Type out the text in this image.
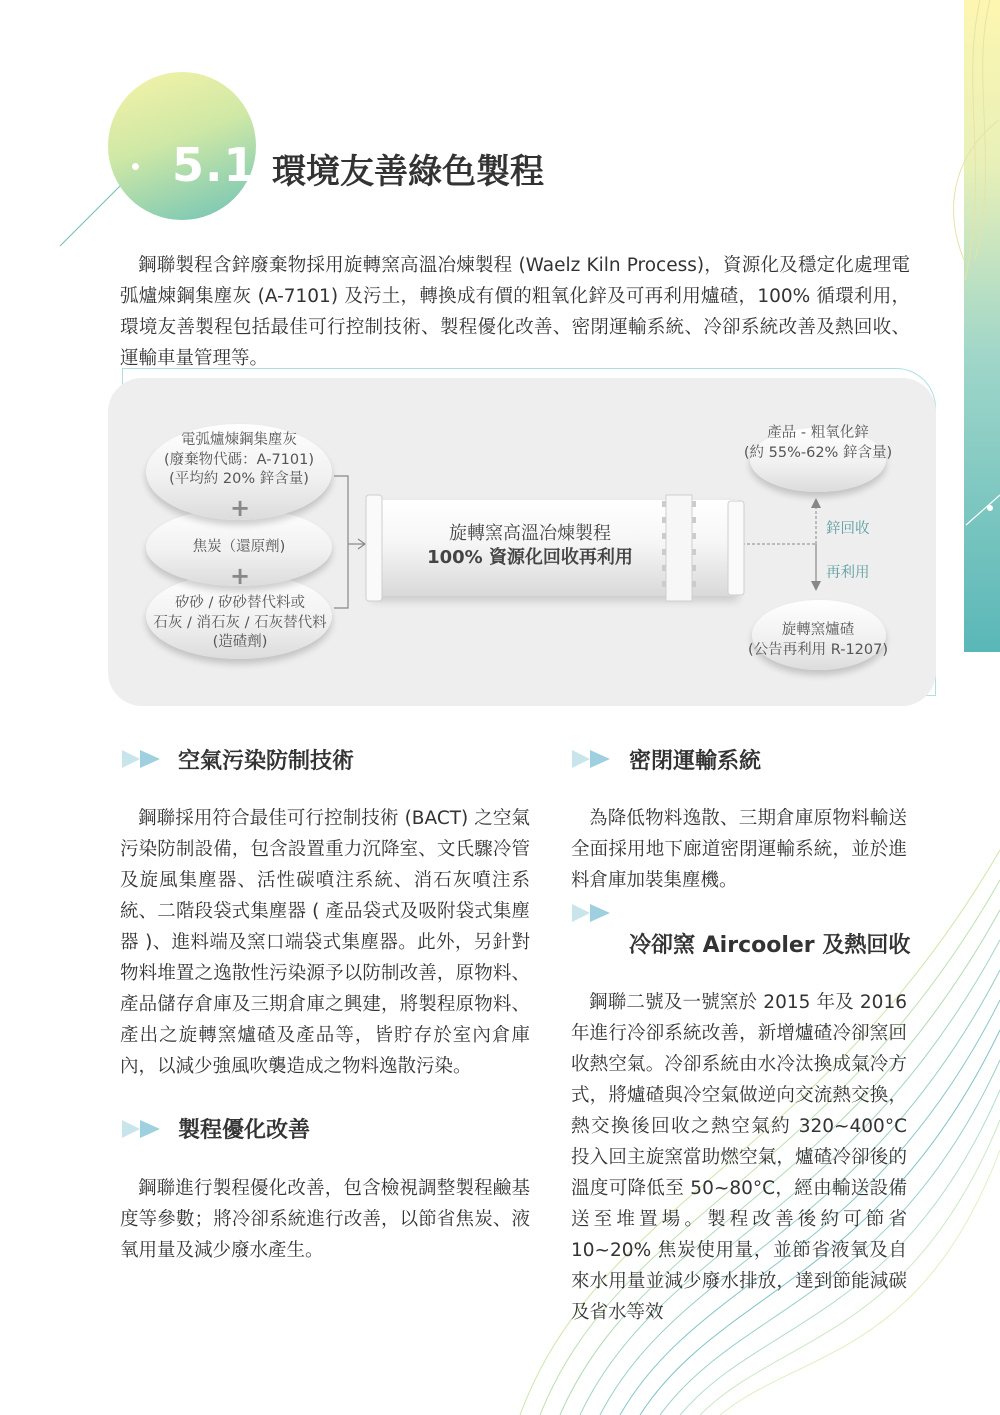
5.1 環境友善綠色製程

鋼聯製程含鋅廢棄物採用旋轉窯高溫冶煉製程 (Waelz Kiln Process)，資源化及穩定化處理電弧爐煉鋼集塵灰 (A-7101) 及污土，轉換成有價的粗氧化鋅及可再利用爐碴，100% 循環利用，環境友善製程包括最佳可行控制技術、製程優化改善、密閉運輸系統、冷卻系統改善及熱回收、運輸車量管理等。

矽砂 / 矽砂替代料或
石灰 / 消石灰 / 石灰替代料
(造碴劑)
焦炭（還原劑)
電弧爐煉鋼集塵灰
(廢棄物代碼：A-7101)
(平均約 20% 鋅含量)
+
+
旋轉窯高溫冶煉製程
100% 資源化回收再利用
產品 - 粗氧化鋅
(約 55%-62% 鋅含量)
鋅回收
再利用
旋轉窯爐碴
(公告再利用 R-1207)
空氣污染防制技術

鋼聯採用符合最佳可行控制技術 (BACT) 之空氣污染防制設備，包含設置重力沉降室、文氏驟冷管及旋風集塵器、活性碳噴注系統、消石灰噴注系統、二階段袋式集塵器 ( 產品袋式及吸附袋式集塵器 )、進料端及窯口端袋式集塵器。此外，另針對物料堆置之逸散性污染源予以防制改善，原物料、產品儲存倉庫及三期倉庫之興建，將製程原物料、產出之旋轉窯爐碴及產品等，皆貯存於室內倉庫內，以減少強風吹襲造成之物料逸散污染。

製程優化改善

鋼聯進行製程優化改善，包含檢視調整製程鹼基度等參數；將冷卻系統進行改善，以節省焦炭、液氧用量及減少廢水產生。

密閉運輸系統

為降低物料逸散、三期倉庫原物料輸送全面採用地下廊道密閉運輸系統，並於進料倉庫加裝集塵機。

冷卻窯 Aircooler 及熱回收

鋼聯二號及一號窯於 2015 年及 2016 年進行冷卻系統改善，新增爐碴冷卻窯回收熱空氣。冷卻系統由水冷汰換成氣冷方式，將爐碴與冷空氣做逆向交流熱交換，熱交換後回收之熱空氣約 320~400°C投入回主旋窯當助燃空氣，爐碴冷卻後的溫度可降低至 50~80°C，經由輸送設備送至堆置場。製程改善後約可節省 10~20% 焦炭使用量，並節省液氧及自來水用量並減少廢水排放，達到節能減碳及省水等效
